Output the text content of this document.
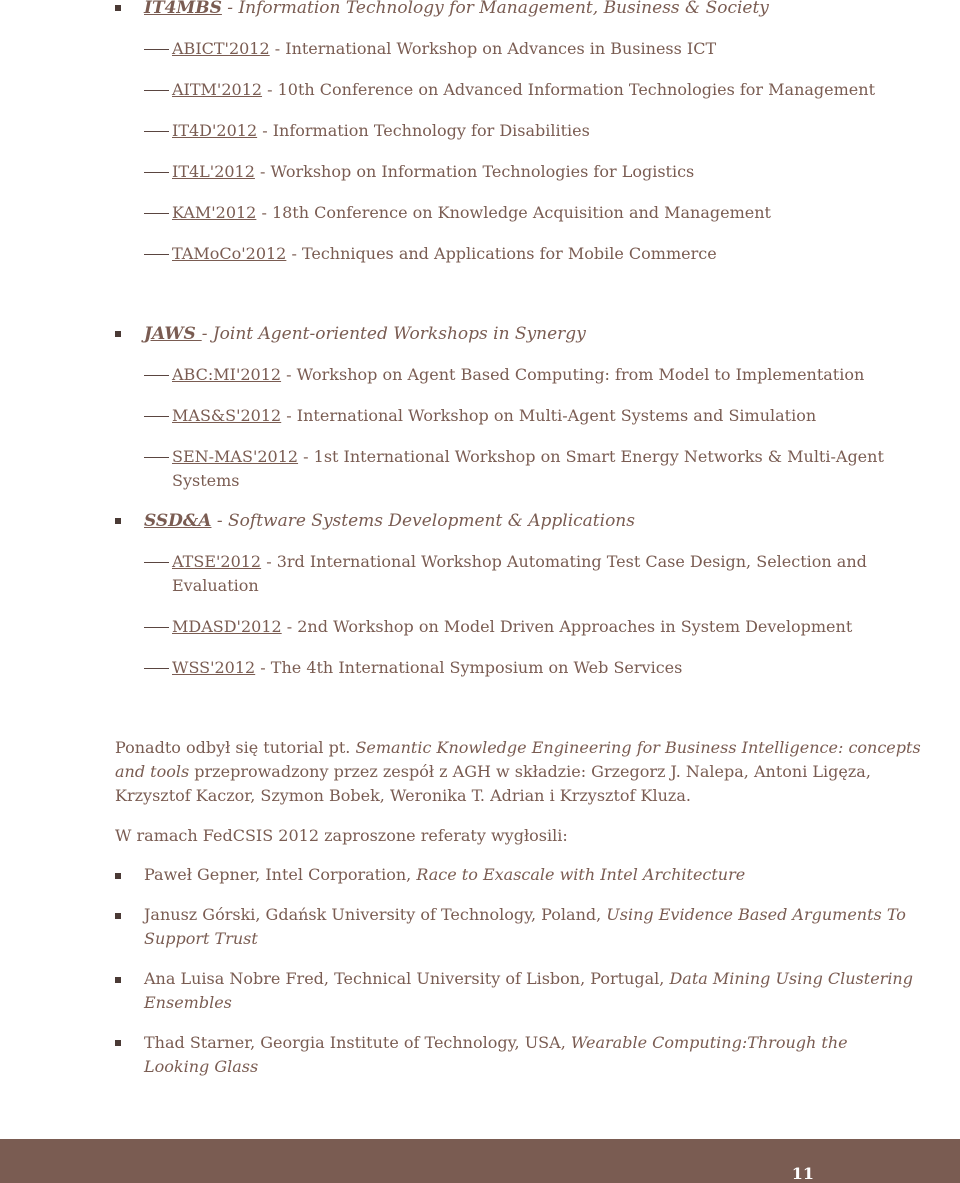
IT4MBS - Information Technology for Management, Business & Society
ABICT'2012 - International Workshop on Advances in Business ICT
AITM'2012 - 10th Conference on Advanced Information Technologies for Management
IT4D'2012 - Information Technology for Disabilities
IT4L'2012 - Workshop on Information Technologies for Logistics
KAM'2012 - 18th Conference on Knowledge Acquisition and Management
TAMoCo'2012 - Techniques and Applications for Mobile Commerce
JAWS - Joint Agent-oriented Workshops in Synergy
ABC:MI'2012 - Workshop on Agent Based Computing: from Model to Implementation
MAS&S'2012 - International Workshop on Multi-Agent Systems and Simulation
SEN-MAS'2012 - 1st International Workshop on Smart Energy Networks & Multi-Agent
Systems
SSD&A - Software Systems Development & Applications
ATSE'2012 - 3rd International Workshop Automating Test Case Design, Selection and
Evaluation
MDASD'2012 - 2nd Workshop on Model Driven Approaches in System Development
WSS'2012 - The 4th International Symposium on Web Services
Ponadto odbył się tutorial pt. Semantic Knowledge Engineering for Business Intelligence: concepts
and tools przeprowadzony przez zespół z AGH w składzie: Grzegorz J. Nalepa, Antoni Ligęza,
Krzysztof Kaczor, Szymon Bobek, Weronika T. Adrian i Krzysztof Kluza.
W ramach FedCSIS 2012 zaproszone referaty wygłosili:
Paweł Gepner, Intel Corporation, Race to Exascale with Intel Architecture
Janusz Górski, Gdańsk University of Technology, Poland, Using Evidence Based Arguments To
Support Trust
Ana Luisa Nobre Fred, Technical University of Lisbon, Portugal, Data Mining Using Clustering
Ensembles
Thad Starner, Georgia Institute of Technology, USA, Wearable Computing:Through the
Looking Glass
11
